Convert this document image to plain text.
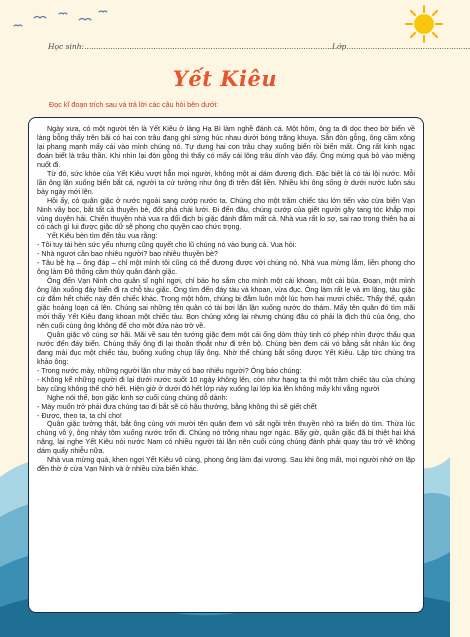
Học sinh:........................................................................................................Lớp....................................................
Yết Kiêu
Đọc kĩ đoạn trích sau và trả lời các câu hỏi bên dưới:

Ngày xưa, có một người tên là Yết Kiêu ở làng Hạ Bì làm nghề đánh cá. Một hôm, ông ta đi dọc theo bờ biển về làng bỗng thấy trên bãi có hai con trâu đang ghì sừng húc nhau dưới bóng trăng khuya. Sẵn đòn gỗng, ông cầm xông lại phang mạnh mấy cái vào mình chúng nó. Tự dưng hai con trâu chạy xuống biển rồi biến mất. Ông rất kinh ngạc đoán biết là trâu thần. Khi nhìn lại đòn gỗng thì thấy có mấy cái lông trâu dính vào đấy. Ông mừng quá bỏ vào miệng nuốt đi.

Từ đó, sức khỏe của Yết Kiêu vượt hẳn mọi người, không một ai dám đương địch. Đặc biệt là có tài lội nước. Mỗi lần ông lặn xuống biển bắt cá, người ta cứ tưởng như ông đi trên đất liền. Nhiều khi ông sống ở dưới nước luôn sáu bảy ngày mới lên.

Hồi ấy, có quân giặc ở nước ngoài sang cướp nước ta. Chúng cho một trăm chiếc tàu lớn tiến vào cửa biển Vạn Ninh vây bọc, bắt tất cả thuyền bè, đốt phá chài lưới. Đi đến đâu, chúng cướp của giết người gây tang tóc khắp mọi vùng duyên hải. Chiến thuyền nhà vua ra đối địch bị giặc đánh đắm mất cả. Nhà vua rất lo sợ, sai rao trong thiên hạ ai có cách gì lui được giặc dữ sẽ phong cho quyền cao chức trọng.

Yết Kiêu bèn tìm đến tâu vua rằng:

- Tôi tuy tài hèn sức yếu nhưng cũng quyết cho lũ chúng nó vào bụng cá. Vua hỏi:

- Nhà ngươi cần bao nhiêu người? bao nhiêu thuyền bè?

- Tâu bệ hạ – ông đáp – chỉ một mình tôi cũng có thể đương được với chúng nó. Nhà vua mừng lắm, liền phong cho ông làm Đô thống cầm thủy quân đánh giặc.

Ông đến Vạn Ninh cho quân sĩ nghỉ ngơi, chỉ bảo họ sắm cho mình một cái khoan, một cái búa. Đoạn, một mình ông lặn xuống đáy biển đi ra chỗ tàu giặc. Ông tìm đến đáy tàu và khoan, vừa đục. Ông làm rất lẹ và im lặng, tàu giặc cứ đắm hết chiếc này đến chiếc khác. Trong một hôm, chúng bị đắm luôn một lúc hơn hai mươi chiếc. Thấy thế, quân giặc hoảng loạn cả lên. Chúng sai những tên quân có tài bơi lặn lặn xuống nước do thám. Mấy tên quân đó tìm mãi mới thấy Yết Kiêu đang khoan một chiếc tàu. Bọn chúng xông lại nhưng chúng đâu có phải là địch thủ của ông, cho nên cuối cùng ông không để cho một đứa nào trở về.

Quân giặc vô cùng sợ hãi. Mãi về sau tên tướng giặc đem một cái ống dòm thủy tinh có phép nhìn được thấu qua nước đến đáy biển. Chúng thấy ông đi lại thoăn thoắt như đi trên bộ. Chúng bèn đem cái vó bằng sắt nhân lúc ông đang mải đục một chiếc tàu, buông xuống chụp lấy ông. Nhờ thế chúng bắt sống được Yết Kiêu. Lập tức chúng tra khảo ông:

- Trong nước mày, những người lặn như mày có bao nhiêu người? Ông báo chúng:

- Không kể những người đi lại dưới nước suốt 10 ngày không lên, còn như hạng ta thì một trăm chiếc tàu của chúng bay cũng không thể chở hết. Hiện giờ ở dưới đó hết lớp này xuống lại lớp kia lên không mấy khi vắng người

Nghe nói thế, bọn giặc kinh sợ cuối cùng chúng dỗ dành:

- Mày muốn trở phải đưa chúng tao đi bắt sẽ có hậu thưởng, bằng không thì sẽ giết chết

- Được, theo ta, ta chỉ cho!

Quân giặc tưởng thật, bắt ông cùng với mười tên quân đem vó sắt ngồi trên thuyền nhỏ ra biển dò tìm. Thừa lúc chúng vô ý, ông nhảy tõm xuống nước trốn đi. Chúng nó trông nhau ngơ ngác. Bấy giờ, quân giặc đã bị thiệt hại khá nặng, lại nghe Yết Kiêu nói nước Nam có nhiều người tài lặn nên cuối cùng chúng đành phải quay tàu trở về không dám quấy nhiễu nữa.

Nhà vua mừng quá, khen ngợi Yết Kiêu vô cùng, phong ông làm đại vương. Sau khi ông mất, mọi người nhớ ơn lập đền thờ ở cửa Vạn Ninh và ở nhiều cửa biển khác.
